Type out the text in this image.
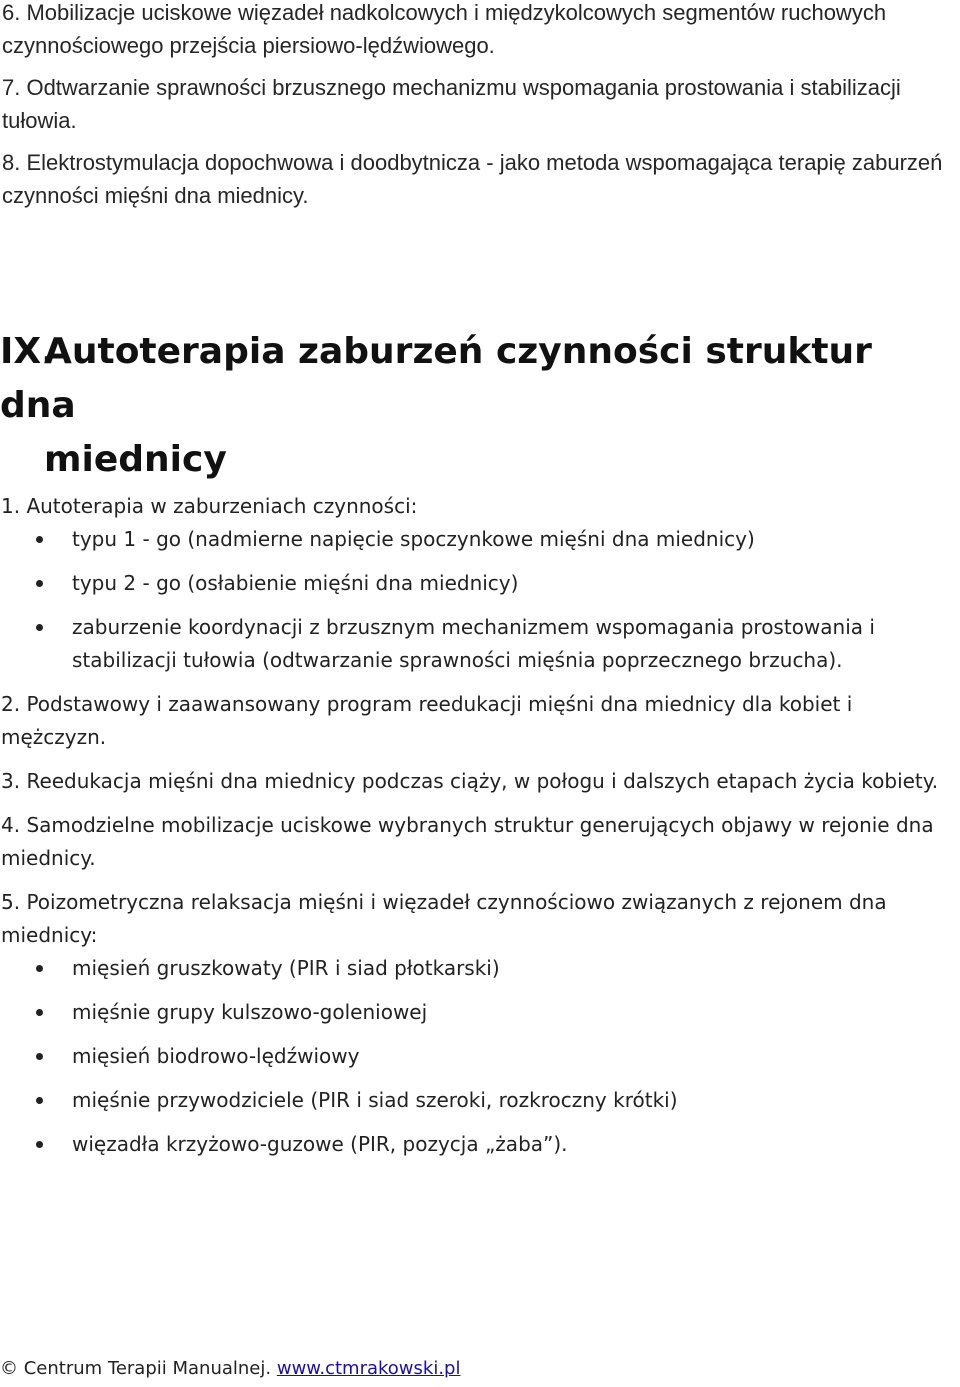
6. Mobilizacje uciskowe więzadeł nadkolcowych i międzykolcowych segmentów ruchowych czynnościowego przejścia piersiowo-lędźwiowego.

7. Odtwarzanie sprawności brzusznego mechanizmu wspomagania prostowania i stabilizacji tułowia.

8. Elektrostymulacja dopochwowa i doodbytnicza - jako metoda wspomagająca terapię zaburzeń czynności mięśni dna miednicy.

IX.Autoterapia zaburzeń czynności struktur dna
miednicy

1. Autoterapia w zaburzeniach czynności:

typu 1 - go (nadmierne napięcie spoczynkowe mięśni dna miednicy)
typu 2 - go (osłabienie mięśni dna miednicy)
zaburzenie koordynacji z brzusznym mechanizmem wspomagania prostowania i stabilizacji tułowia (odtwarzanie sprawności mięśnia poprzecznego brzucha).

2. Podstawowy i zaawansowany program reedukacji mięśni dna miednicy dla kobiet i mężczyzn.

3. Reedukacja mięśni dna miednicy podczas ciąży, w połogu i dalszych etapach życia kobiety.

4. Samodzielne mobilizacje uciskowe wybranych struktur generujących objawy w rejonie dna miednicy.

5. Poizometryczna relaksacja mięśni i więzadeł czynnościowo związanych z rejonem dna miednicy:

mięsień gruszkowaty (PIR i siad płotkarski)
mięśnie grupy kulszowo-goleniowej
mięsień biodrowo-lędźwiowy
mięśnie przywodziciele (PIR i siad szeroki, rozkroczny krótki)
więzadła krzyżowo-guzowe (PIR, pozycja „żaba”).
© Centrum Terapii Manualnej. www.ctmrakowski.pl
